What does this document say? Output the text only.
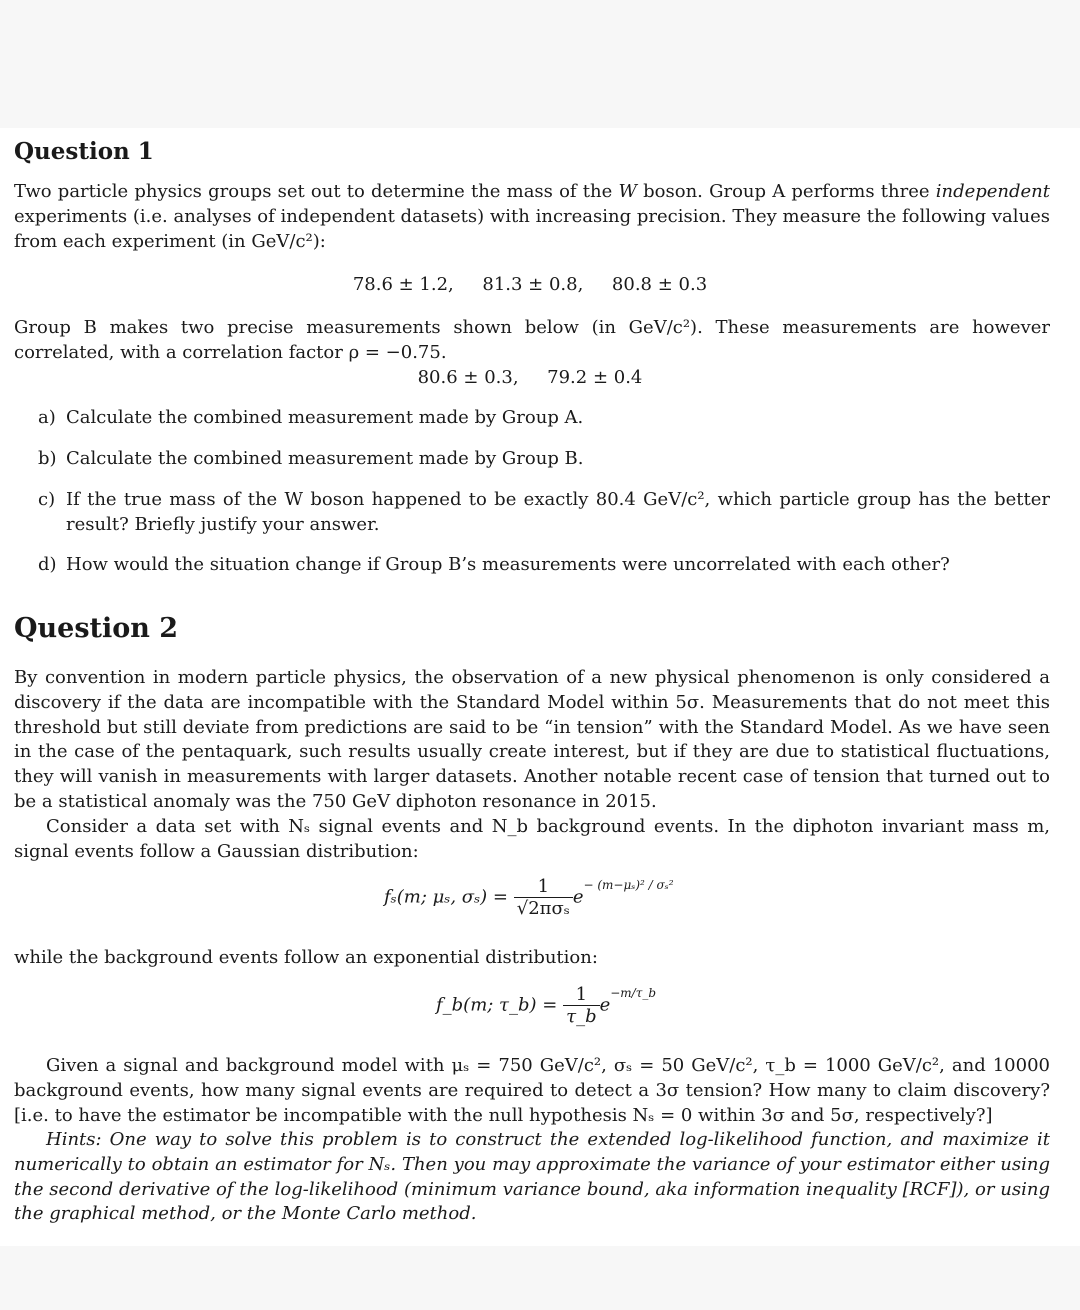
Question 1
Two particle physics groups set out to determine the mass of the W boson. Group A performs three independent experiments (i.e. analyses of independent datasets) with increasing precision. They measure the following values from each experiment (in GeV/c²):
78.6 ± 1.2,     81.3 ± 0.8,     80.8 ± 0.3
Group B makes two precise measurements shown below (in GeV/c²). These measurements are however correlated, with a correlation factor ρ = −0.75.
80.6 ± 0.3,     79.2 ± 0.4
a) Calculate the combined measurement made by Group A.
b) Calculate the combined measurement made by Group B.
c) If the true mass of the W boson happened to be exactly 80.4 GeV/c², which particle group has the better result? Briefly justify your answer.
d) How would the situation change if Group B’s measurements were uncorrelated with each other?
Question 2
By convention in modern particle physics, the observation of a new physical phenomenon is only considered a discovery if the data are incompatible with the Standard Model within 5σ. Measurements that do not meet this threshold but still deviate from predictions are said to be “in tension” with the Standard Model. As we have seen in the case of the pentaquark, such results usually create interest, but if they are due to statistical fluctuations, they will vanish in measurements with larger datasets. Another notable recent case of tension that turned out to be a statistical anomaly was the 750 GeV diphoton resonance in 2015.
Consider a data set with Nₛ signal events and N_b background events. In the diphoton invariant mass m, signal events follow a Gaussian distribution:
fₛ(m; μₛ, $\sigma_s) = \frac{1}{\text{√2πσₛ}} e^{- (m-\mu_s)^2 / \sigma_s^2}$
while the background events follow an exponential distribution:
f_b(m; τ_b) = $\frac{1}{\tau\_b} e^{-m/\tau\_b}$
Given a signal and background model with μₛ = 750 GeV/c², σₛ = 50 GeV/c², τ_b = 1000 GeV/c², and 10000 background events, how many signal events are required to detect a 3σ tension? How many to claim discovery? [i.e. to have the estimator be incompatible with the null hypothesis Nₛ = 0 within 3σ and 5σ, respectively?]
Hints: One way to solve this problem is to construct the extended log-likelihood function, and maximize it numerically to obtain an estimator for Nₛ. Then you may approximate the variance of your estimator either using the second derivative of the log-likelihood (minimum variance bound, aka information inequality [RCF]), or using the graphical method, or the Monte Carlo method.
